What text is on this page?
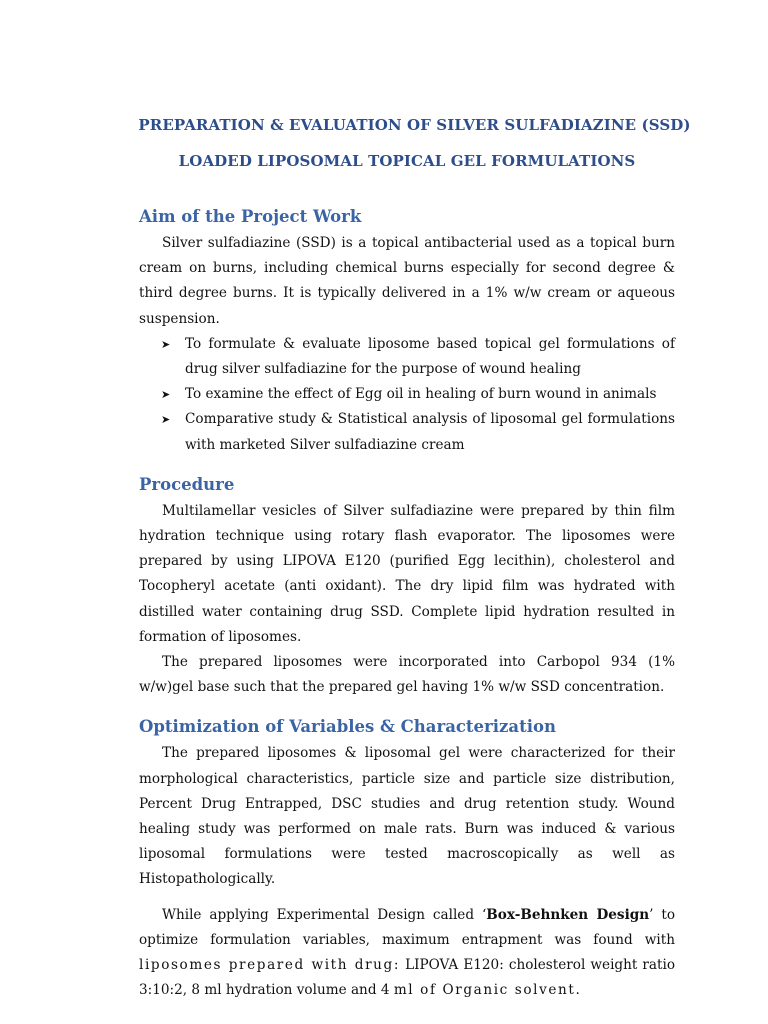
PREPARATION & EVALUATION OF SILVER SULFADIAZINE (SSD)
LOADED LIPOSOMAL TOPICAL GEL FORMULATIONS
Aim of the Project Work

Silver sulfadiazine (SSD) is a topical antibacterial used as a topical burn cream on burns, including chemical burns especially for second degree & third degree burns. It is typically delivered in a 1% w/w cream or aqueous suspension.

➤ To formulate & evaluate liposome based topical gel formulations of drug silver sulfadiazine for the purpose of wound healing
➤ To examine the effect of Egg oil in healing of burn wound in animals
➤ Comparative study & Statistical analysis of liposomal gel formulations with marketed Silver sulfadiazine cream
Procedure

Multilamellar vesicles of Silver sulfadiazine were prepared by thin film hydration technique using rotary flash evaporator. The liposomes were prepared by using LIPOVA E120 (purified Egg lecithin), cholesterol and Tocopheryl acetate (anti oxidant). The dry lipid film was hydrated with distilled water containing drug SSD. Complete lipid hydration resulted in formation of liposomes.

The prepared liposomes were incorporated into Carbopol 934 (1% w/w)gel base such that the prepared gel having 1% w/w SSD concentration.

Optimization of Variables & Characterization

The prepared liposomes & liposomal gel were characterized for their morphological characteristics, particle size and particle size distribution, Percent Drug Entrapped, DSC studies and drug retention study. Wound healing study was performed on male rats. Burn was induced & various liposomal formulations were tested macroscopically as well as Histopathologically.

While applying Experimental Design called ‘Box-Behnken Design’ to optimize formulation variables, maximum entrapment was found with liposomes prepared with drug: LIPOVA E120: cholesterol weight ratio 3:10:2, 8 ml hydration volume and 4 ml of Organic solvent.
